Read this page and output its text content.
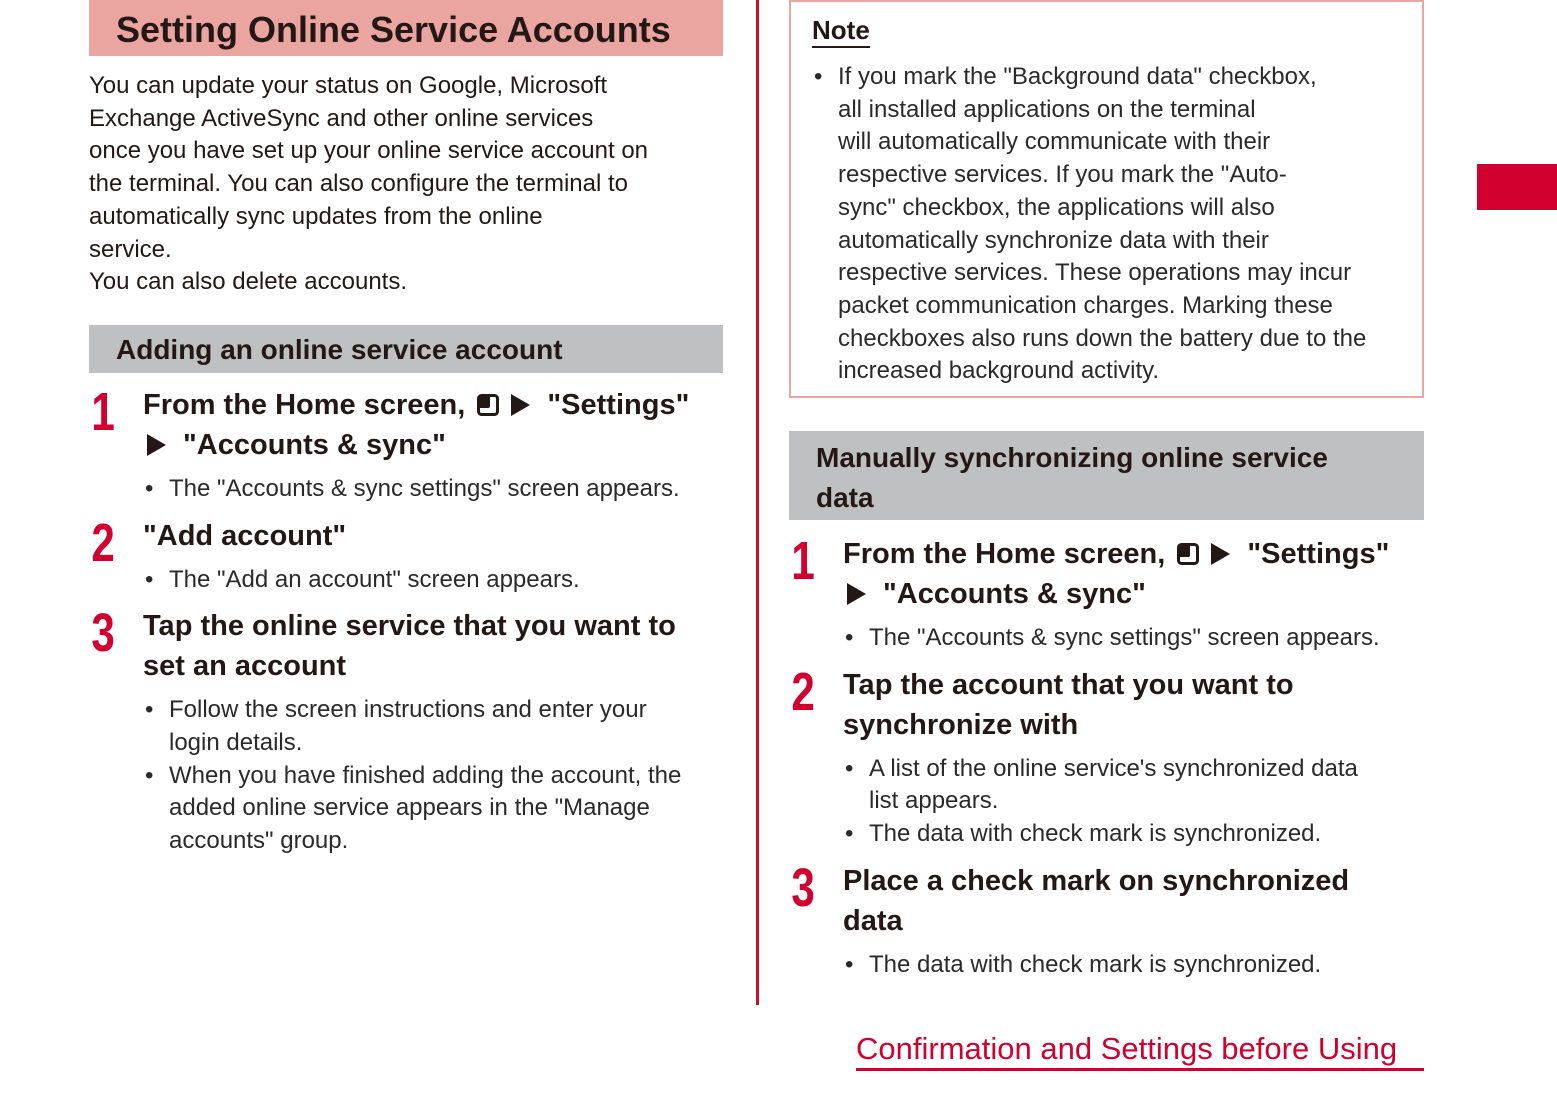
Setting Online Service Accounts

You can update your status on Google, Microsoft

Exchange ActiveSync and other online services

once you have set up your online service account on

the terminal. You can also configure the terminal to

automatically sync updates from the online

service.

You can also delete accounts.

Adding an online service account
1 From the Home screen,  "Settings"
"Accounts & sync"
• The "Accounts & sync settings" screen appears.
2 "Add account"
• The "Add an account" screen appears.
3 Tap the online service that you want to
set an account
• Follow the screen instructions and enter your
login details.
• When you have finished adding the account, the
added online service appears in the "Manage
accounts" group.
Note
• If you mark the "Background data" checkbox,
all installed applications on the terminal
will automatically communicate with their
respective services. If you mark the "Auto-
sync" checkbox, the applications will also
automatically synchronize data with their
respective services. These operations may incur
packet communication charges. Marking these
checkboxes also runs down the battery due to the
increased background activity.
Manually synchronizing online service
data
1 From the Home screen,  "Settings"
"Accounts & sync"
• The "Accounts & sync settings" screen appears.
2 Tap the account that you want to
synchronize with
• A list of the online service's synchronized data
list appears.
• The data with check mark is synchronized.
3 Place a check mark on synchronized
data
• The data with check mark is synchronized.
Confirmation and Settings before Using
